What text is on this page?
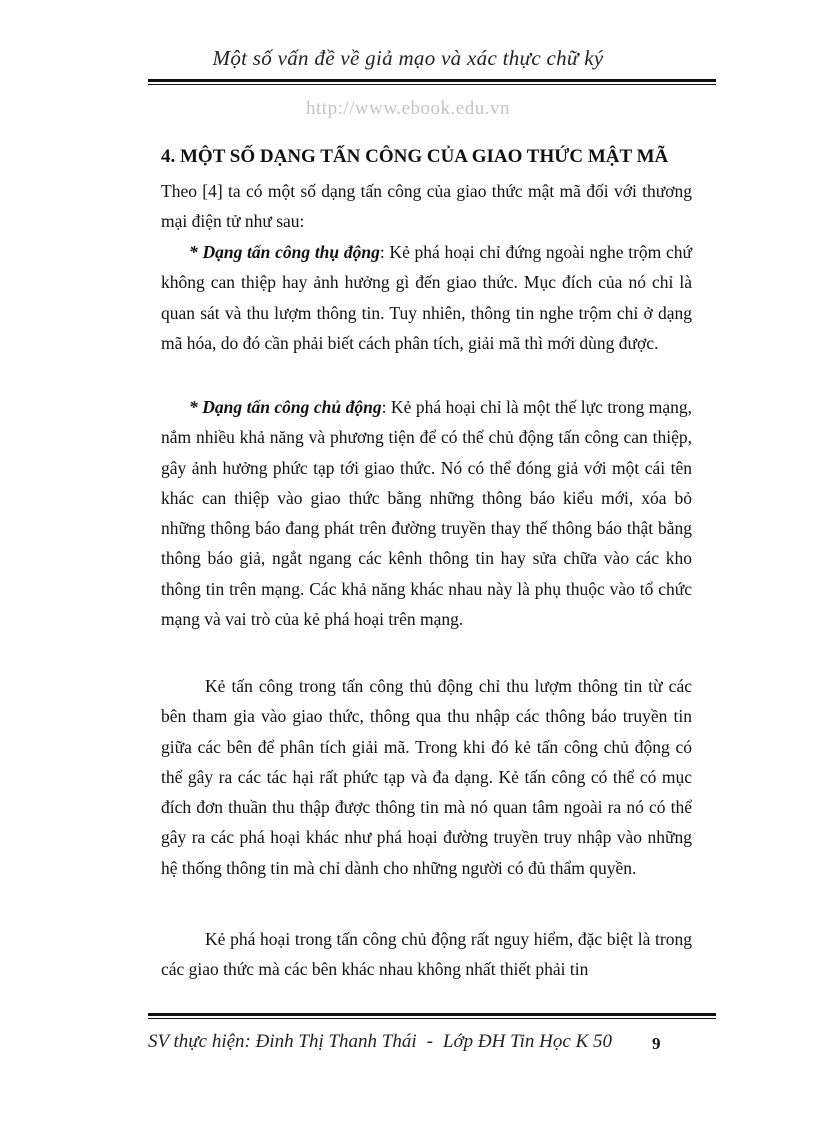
Một số vấn đề về giả mạo và xác thực chữ ký
http://www.ebook.edu.vn
4. MỘT SỐ DẠNG TẤN CÔNG CỦA GIAO THỨC MẬT MÃ
Theo [4] ta có một số dạng tấn công của giao thức mật mã đối với thương mại điện tử như sau:
* Dạng tấn công thụ động: Kẻ phá hoại chỉ đứng ngoài nghe trộm chứ không can thiệp hay ảnh hưởng gì đến giao thức. Mục đích của nó chỉ là quan sát và thu lượm thông tin. Tuy nhiên, thông tin nghe trộm chỉ ở dạng mã hóa, do đó cần phải biết cách phân tích, giải mã thì mới dùng được.
* Dạng tấn công chủ động: Kẻ phá hoại chỉ là một thế lực trong mạng, nắm nhiều khả năng và phương tiện để có thể chủ động tấn công can thiệp, gây ảnh hưởng phức tạp tới giao thức. Nó có thể đóng giả với một cái tên khác can thiệp vào giao thức bằng những thông báo kiểu mới, xóa bỏ những thông báo đang phát trên đường truyền thay thế thông báo thật bằng thông báo giả, ngắt ngang các kênh thông tin hay sửa chữa vào các kho thông tin trên mạng. Các khả năng khác nhau này là phụ thuộc vào tổ chức mạng và vai trò của kẻ phá hoại trên mạng.
Kẻ tấn công trong tấn công thủ động chỉ thu lượm thông tin từ các bên tham gia vào giao thức, thông qua thu nhập các thông báo truyền tin giữa các bên để phân tích giải mã. Trong khi đó kẻ tấn công chủ động có thể gây ra các tác hại rất phức tạp và đa dạng. Kẻ tấn công có thể có mục đích đơn thuần thu thập được thông tin mà nó quan tâm ngoài ra nó có thể gây ra các phá hoại khác như phá hoại đường truyền truy nhập vào những hệ thống thông tin mà chỉ dành cho những người có đủ thẩm quyền.
Kẻ phá hoại trong tấn công chủ động rất nguy hiểm, đặc biệt là trong các giao thức mà các bên khác nhau không nhất thiết phải tin
SV thực hiện: Đinh Thị Thanh Thái - Lớp ĐH Tin Học K 50	9
